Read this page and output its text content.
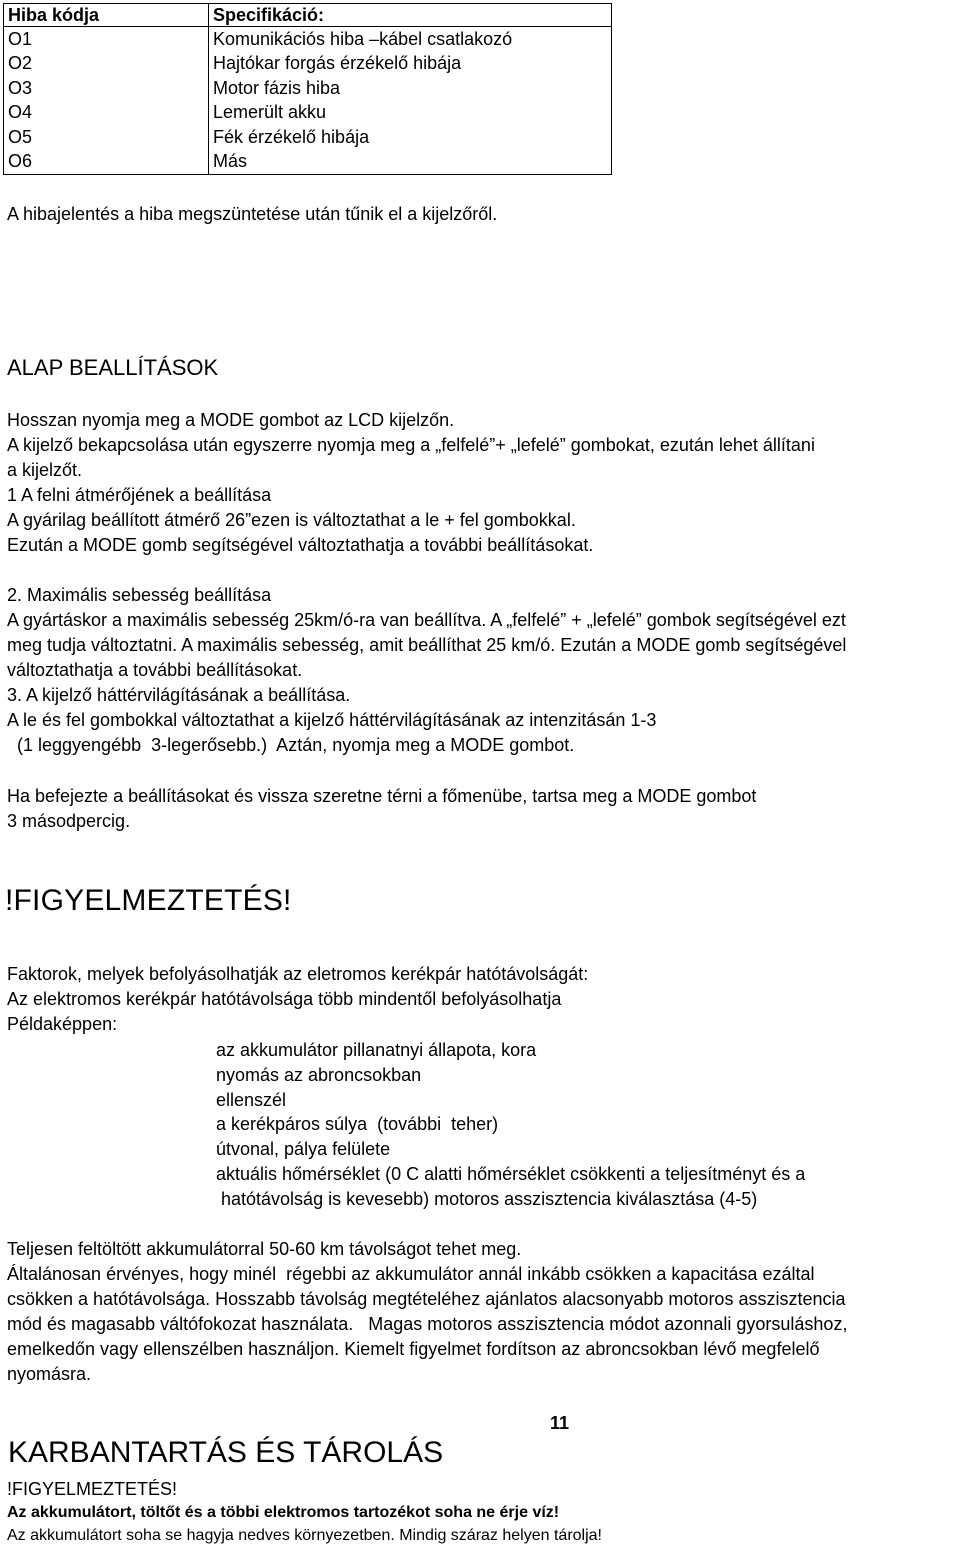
Hiba kódja	Specifikáció:
O1	Komunikációs hiba –kábel csatlakozó
O2	Hajtókar forgás érzékelő hibája
O3	Motor fázis hiba
O4	Lemerült akku
O5	Fék érzékelő hibája
O6	Más
A hibajelentés a hiba megszüntetése után tűnik el a kijelzőről.
ALAP BEALLÍTÁSOK
Hosszan nyomja meg a MODE gombot az LCD kijelzőn.
A kijelző bekapcsolása után egyszerre nyomja meg a „felfelé”+ „lefelé” gombokat, ezután lehet állítani
a kijelzőt.
1 A felni átmérőjének a beállítása
A gyárilag beállított átmérő 26”ezen is változtathat a le + fel gombokkal.
Ezután a MODE gomb segítségével változtathatja a további beállításokat.
2. Maximális sebesség beállítása
A gyártáskor a maximális sebesség 25km/ó-ra van beállítva. A „felfelé” + „lefelé” gombok segítségével ezt
meg tudja változtatni. A maximális sebesség, amit beállíthat 25 km/ó. Ezután a MODE gomb segítségével
változtathatja a további beállításokat.
3. A kijelző háttérvilágításának a beállítása.
A le és fel gombokkal változtathat a kijelző háttérvilágításának az intenzitásán 1-3
(1 leggyengébb  3-legerősebb.)  Aztán, nyomja meg a MODE gombot.
Ha befejezte a beállításokat és vissza szeretne térni a főmenübe, tartsa meg a MODE gombot
3 másodpercig.
!FIGYELMEZTETÉS!
Faktorok, melyek befolyásolhatják az eletromos kerékpár hatótávolságát:
Az elektromos kerékpár hatótávolsága több mindentől befolyásolhatja
Példaképpen:
az akkumulátor pillanatnyi állapota, kora
nyomás az abroncsokban
ellenszél
a kerékpáros súlya  (további  teher)
útvonal, pálya felülete
aktuális hőmérséklet (0 C alatti hőmérséklet csökkenti a teljesítményt és a
hatótávolság is kevesebb) motoros asszisztencia kiválasztása (4-5)
Teljesen feltöltött akkumulátorral 50-60 km távolságot tehet meg.
Általánosan érvényes, hogy minél  régebbi az akkumulátor annál inkább csökken a kapacitása ezáltal
csökken a hatótávolsága. Hosszabb távolság megtételéhez ajánlatos alacsonyabb motoros asszisztencia
mód és magasabb váltófokozat használata.   Magas motoros asszisztencia módot azonnali gyorsuláshoz,
emelkedőn vagy ellenszélben használjon. Kiemelt figyelmet fordítson az abroncsokban lévő megfelelő
nyomásra.
11
KARBANTARTÁS ÉS TÁROLÁS
!FIGYELMEZTETÉS!
Az akkumulátort, töltőt és a többi elektromos tartozékot soha ne érje víz!
Az akkumulátort soha se hagyja nedves környezetben. Mindig száraz helyen tárolja!
